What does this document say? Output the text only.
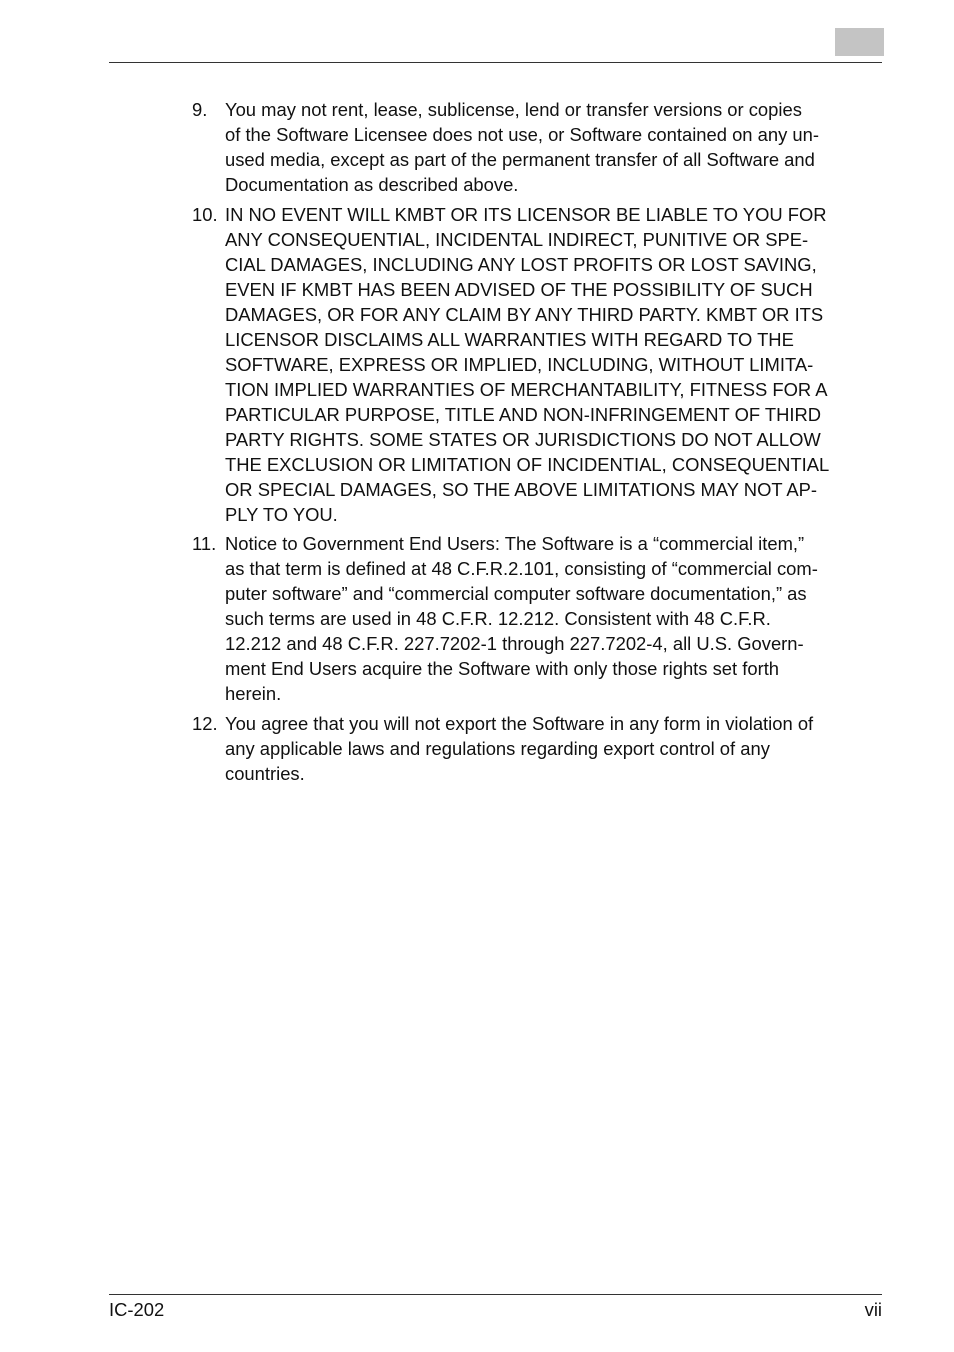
9. You may not rent, lease, sublicense, lend or transfer versions or copies
of the Software Licensee does not use, or Software contained on any un-
used media, except as part of the permanent transfer of all Software and
Documentation as described above.
10. IN NO EVENT WILL KMBT OR ITS LICENSOR BE LIABLE TO YOU FOR
ANY CONSEQUENTIAL, INCIDENTAL INDIRECT, PUNITIVE OR SPE-
CIAL DAMAGES, INCLUDING ANY LOST PROFITS OR LOST SAVING,
EVEN IF KMBT HAS BEEN ADVISED OF THE POSSIBILITY OF SUCH
DAMAGES, OR FOR ANY CLAIM BY ANY THIRD PARTY. KMBT OR ITS
LICENSOR DISCLAIMS ALL WARRANTIES WITH REGARD TO THE
SOFTWARE, EXPRESS OR IMPLIED, INCLUDING, WITHOUT LIMITA-
TION IMPLIED WARRANTIES OF MERCHANTABILITY, FITNESS FOR A
PARTICULAR PURPOSE, TITLE AND NON-INFRINGEMENT OF THIRD
PARTY RIGHTS. SOME STATES OR JURISDICTIONS DO NOT ALLOW
THE EXCLUSION OR LIMITATION OF INCIDENTIAL, CONSEQUENTIAL
OR SPECIAL DAMAGES, SO THE ABOVE LIMITATIONS MAY NOT AP-
PLY TO YOU.
11. Notice to Government End Users: The Software is a “commercial item,”
as that term is defined at 48 C.F.R.2.101, consisting of “commercial com-
puter software” and “commercial computer software documentation,” as
such terms are used in 48 C.F.R. 12.212. Consistent with 48 C.F.R.
12.212 and 48 C.F.R. 227.7202-1 through 227.7202-4, all U.S. Govern-
ment End Users acquire the Software with only those rights set forth
herein.
12. You agree that you will not export the Software in any form in violation of
any applicable laws and regulations regarding export control of any
countries.
IC-202	vii
